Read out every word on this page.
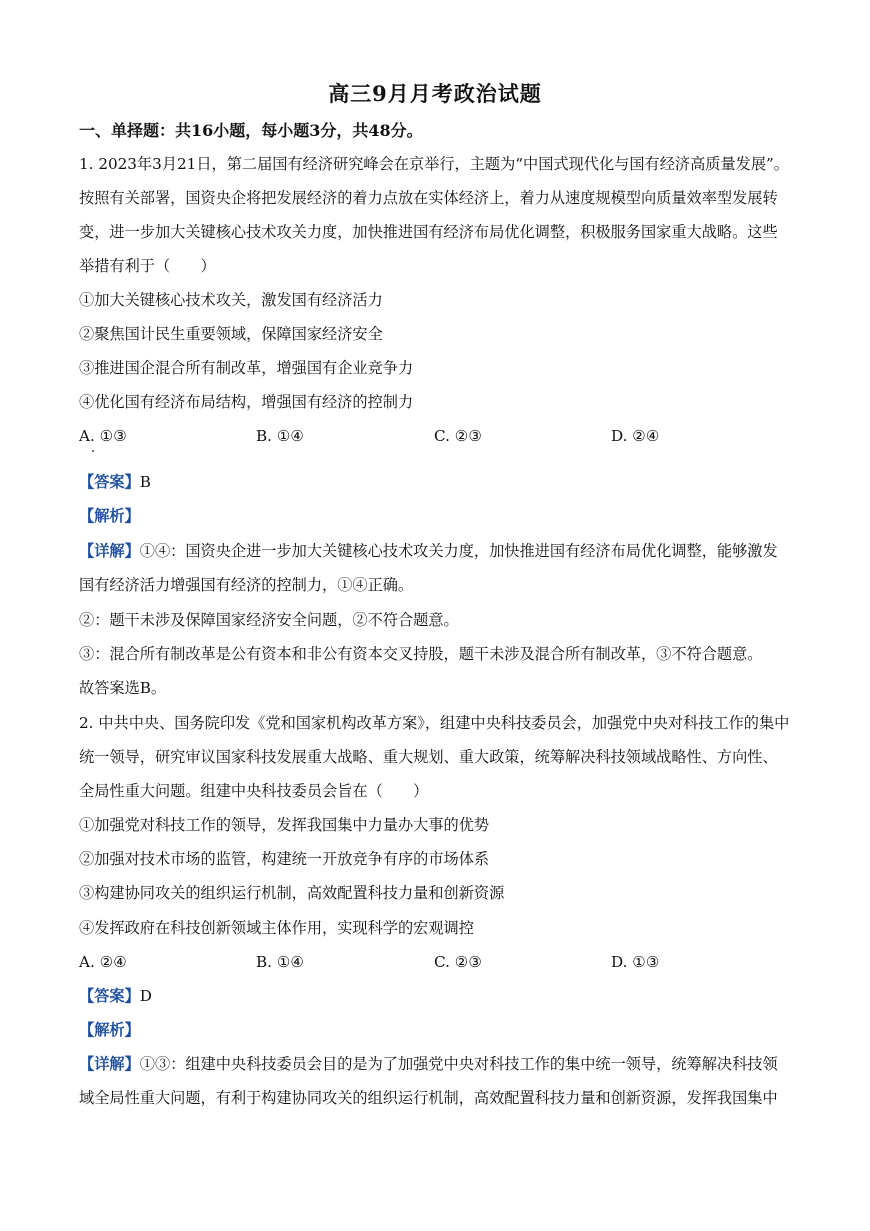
高三9月月考政治试题
一、单择题：共16小题，每小题3分，共48分。
1. 2023年3月21日，第二届国有经济研究峰会在京举行，主题为“中国式现代化与国有经济高质量发展”。
按照有关部署，国资央企将把发展经济的着力点放在实体经济上，着力从速度规模型向质量效率型发展转
变，进一步加大关键核心技术攻关力度，加快推进国有经济布局优化调整，积极服务国家重大战略。这些
举措有利于（　　）
①加大关键核心技术攻关，激发国有经济活力
②聚焦国计民生重要领域，保障国家经济安全
③推进国企混合所有制改革，增强国有企业竞争力
④优化国有经济布局结构，增强国有经济的控制力
A. ①③	B. ①④	C. ②③	D. ②④
【答案】B
【解析】
【详解】①④：国资央企进一步加大关键核心技术攻关力度，加快推进国有经济布局优化调整，能够激发
国有经济活力增强国有经济的控制力，①④正确。
②：题干未涉及保障国家经济安全问题，②不符合题意。
③：混合所有制改革是公有资本和非公有资本交叉持股，题干未涉及混合所有制改革，③不符合题意。
故答案选B。
2. 中共中央、国务院印发《党和国家机构改革方案》，组建中央科技委员会，加强党中央对科技工作的集中
统一领导，研究审议国家科技发展重大战略、重大规划、重大政策，统筹解决科技领域战略性、方向性、
全局性重大问题。组建中央科技委员会旨在（　　）
①加强党对科技工作的领导，发挥我国集中力量办大事的优势
②加强对技术市场的监管，构建统一开放竞争有序的市场体系
③构建协同攻关的组织运行机制，高效配置科技力量和创新资源
④发挥政府在科技创新领域主体作用，实现科学的宏观调控
A. ②④	B. ①④	C. ②③	D. ①③
【答案】D
【解析】
【详解】①③：组建中央科技委员会目的是为了加强党中央对科技工作的集中统一领导，统筹解决科技领
域全局性重大问题，有利于构建协同攻关的组织运行机制，高效配置科技力量和创新资源，发挥我国集中
